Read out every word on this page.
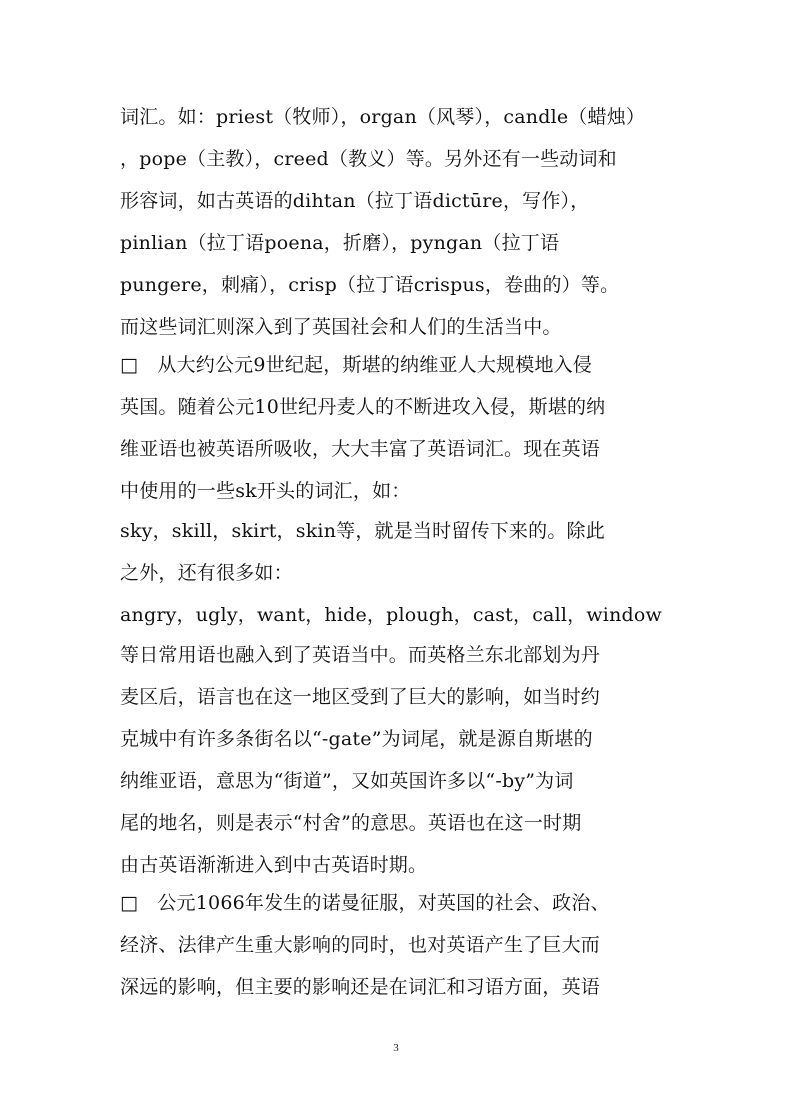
词汇。如：priest（牧师），organ（风琴），candle（蜡烛）
，pope（主教），creed（教义）等。另外还有一些动词和
形容词，如古英语的dihtan（拉丁语dictūre，写作），
pinlian（拉丁语poena，折磨），pyngan（拉丁语
pungere，刺痛），crisp（拉丁语crispus，卷曲的）等。
而这些词汇则深入到了英国社会和人们的生活当中。
□　从大约公元9世纪起，斯堪的纳维亚人大规模地入侵
英国。随着公元10世纪丹麦人的不断进攻入侵，斯堪的纳
维亚语也被英语所吸收，大大丰富了英语词汇。现在英语
中使用的一些sk开头的词汇，如：
sky，skill，skirt，skin等，就是当时留传下来的。除此
之外，还有很多如：
angry，ugly，want，hide，plough，cast，call，window
等日常用语也融入到了英语当中。而英格兰东北部划为丹
麦区后，语言也在这一地区受到了巨大的影响，如当时约
克城中有许多条街名以“-gate”为词尾，就是源自斯堪的
纳维亚语，意思为“街道”，又如英国许多以“-by”为词
尾的地名，则是表示“村舍”的意思。英语也在这一时期
由古英语渐渐进入到中古英语时期。
□　公元1066年发生的诺曼征服，对英国的社会、政治、
经济、法律产生重大影响的同时，也对英语产生了巨大而
深远的影响，但主要的影响还是在词汇和习语方面，英语
3
